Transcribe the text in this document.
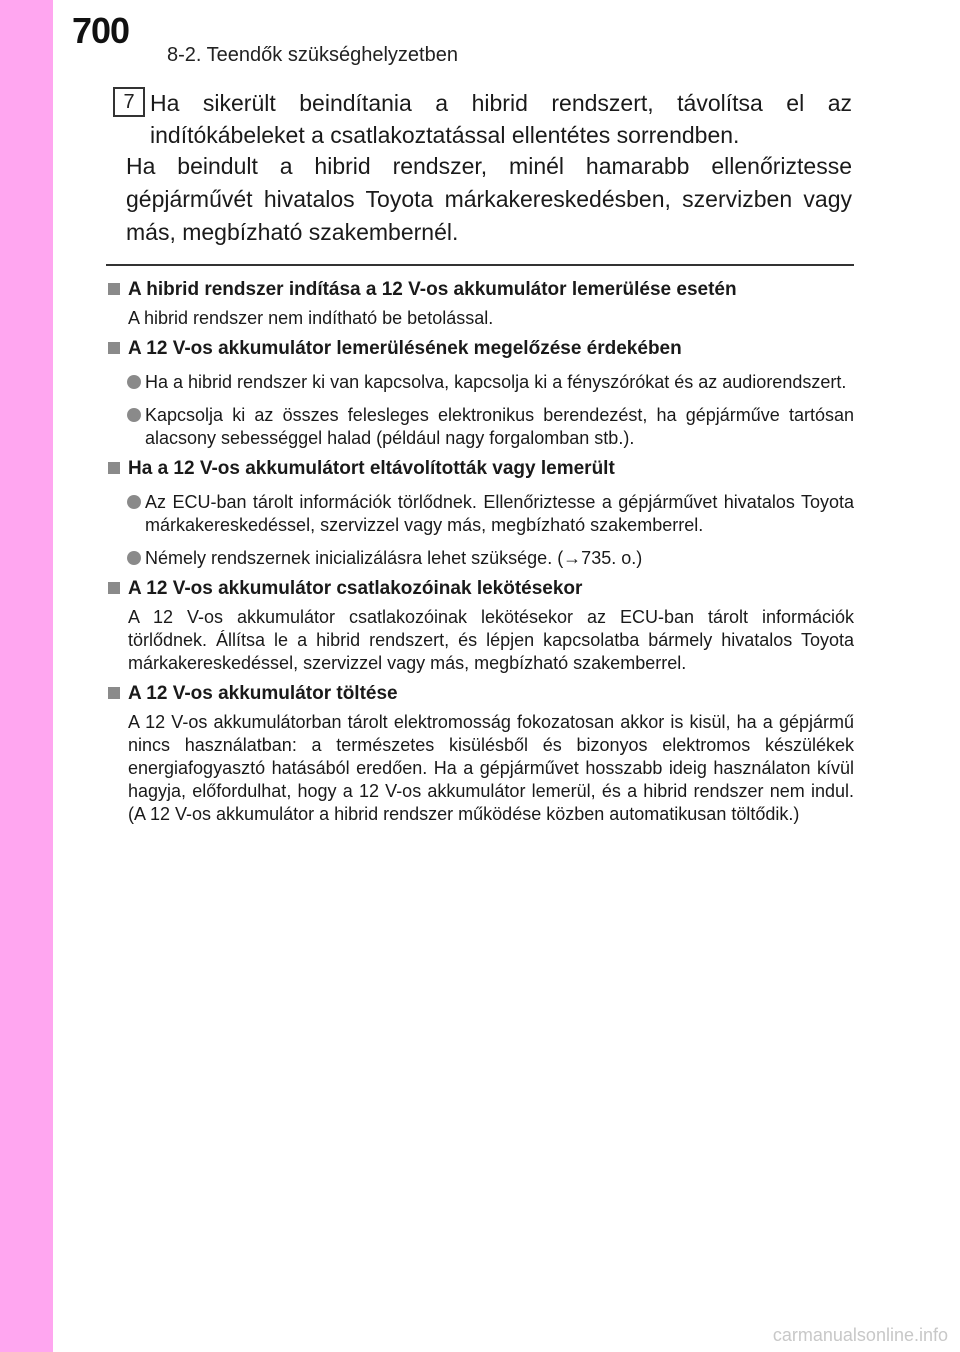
700
8-2. Teendők szükséghelyzetben
7 Ha sikerült beindítania a hibrid rendszert, távolítsa el az indítókábeleket a csatlakoztatással ellentétes sorrendben.
Ha beindult a hibrid rendszer, minél hamarabb ellenőriztesse gépjárművét hivatalos Toyota márkakereskedésben, szervizben vagy más, megbízható szakembernél.
A hibrid rendszer indítása a 12 V-os akkumulátor lemerülése esetén
A hibrid rendszer nem indítható be betolással.
A 12 V-os akkumulátor lemerülésének megelőzése érdekében
Ha a hibrid rendszer ki van kapcsolva, kapcsolja ki a fényszórókat és az audiorendszert.
Kapcsolja ki az összes felesleges elektronikus berendezést, ha gépjárműve tartósan alacsony sebességgel halad (például nagy forgalomban stb.).
Ha a 12 V-os akkumulátort eltávolították vagy lemerült
Az ECU-ban tárolt információk törlődnek. Ellenőriztesse a gépjárművet hivatalos Toyota márkakereskedéssel, szervizzel vagy más, megbízható szakemberrel.
Némely rendszernek inicializálásra lehet szüksége. (→735. o.)
A 12 V-os akkumulátor csatlakozóinak lekötésekor
A 12 V-os akkumulátor csatlakozóinak lekötésekor az ECU-ban tárolt információk törlődnek. Állítsa le a hibrid rendszert, és lépjen kapcsolatba bármely hivatalos Toyota márkakereskedéssel, szervizzel vagy más, megbízható szakemberrel.
A 12 V-os akkumulátor töltése
A 12 V-os akkumulátorban tárolt elektromosság fokozatosan akkor is kisül, ha a gépjármű nincs használatban: a természetes kisülésből és bizonyos elektromos készülékek energiafogyasztó hatásából eredően. Ha a gépjárművet hosszabb ideig használaton kívül hagyja, előfordulhat, hogy a 12 V-os akkumulátor lemerül, és a hibrid rendszer nem indul. (A 12 V-os akkumulátor a hibrid rendszer működése közben automatikusan töltődik.)
carmanualsonline.info
